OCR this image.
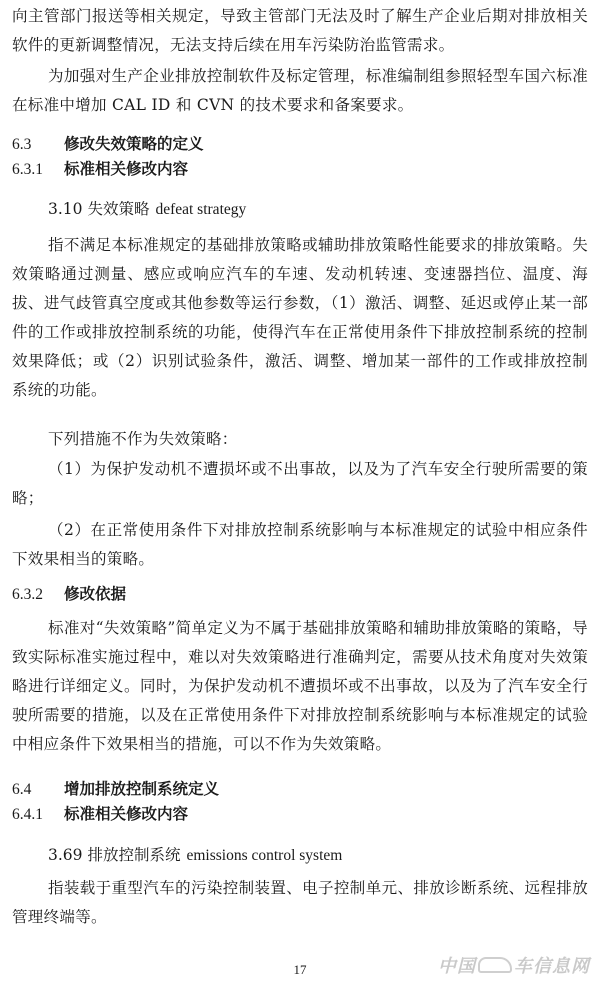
向主管部门报送等相关规定，导致主管部门无法及时了解生产企业后期对排放相关软件的更新调整情况，无法支持后续在用车污染防治监管需求。

为加强对生产企业排放控制软件及标定管理，标准编制组参照轻型车国六标准在标准中增加 CAL ID 和 CVN 的技术要求和备案要求。

6.3 修改失效策略的定义
6.3.1 标准相关修改内容
3.10 失效策略 defeat strategy

指不满足本标准规定的基础排放策略或辅助排放策略性能要求的排放策略。失效策略通过测量、感应或响应汽车的车速、发动机转速、变速器挡位、温度、海拔、进气歧管真空度或其他参数等运行参数，（1）激活、调整、延迟或停止某一部件的工作或排放控制系统的功能，使得汽车在正常使用条件下排放控制系统的控制效果降低；或（2）识别试验条件，激活、调整、增加某一部件的工作或排放控制系统的功能。

下列措施不作为失效策略：

（1）为保护发动机不遭损坏或不出事故，以及为了汽车安全行驶所需要的策略；

（2）在正常使用条件下对排放控制系统影响与本标准规定的试验中相应条件下效果相当的策略。

6.3.2 修改依据

标准对“失效策略”简单定义为不属于基础排放策略和辅助排放策略的策略，导致实际标准实施过程中，难以对失效策略进行准确判定，需要从技术角度对失效策略进行详细定义。同时，为保护发动机不遭损坏或不出事故，以及为了汽车安全行驶所需要的措施，以及在正常使用条件下对排放控制系统影响与本标准规定的试验中相应条件下效果相当的措施，可以不作为失效策略。

6.4 增加排放控制系统定义
6.4.1 标准相关修改内容
3.69 排放控制系统 emissions control system

指装载于重型汽车的污染控制装置、电子控制单元、排放诊断系统、远程排放管理终端等。

17	中国 车信息网
